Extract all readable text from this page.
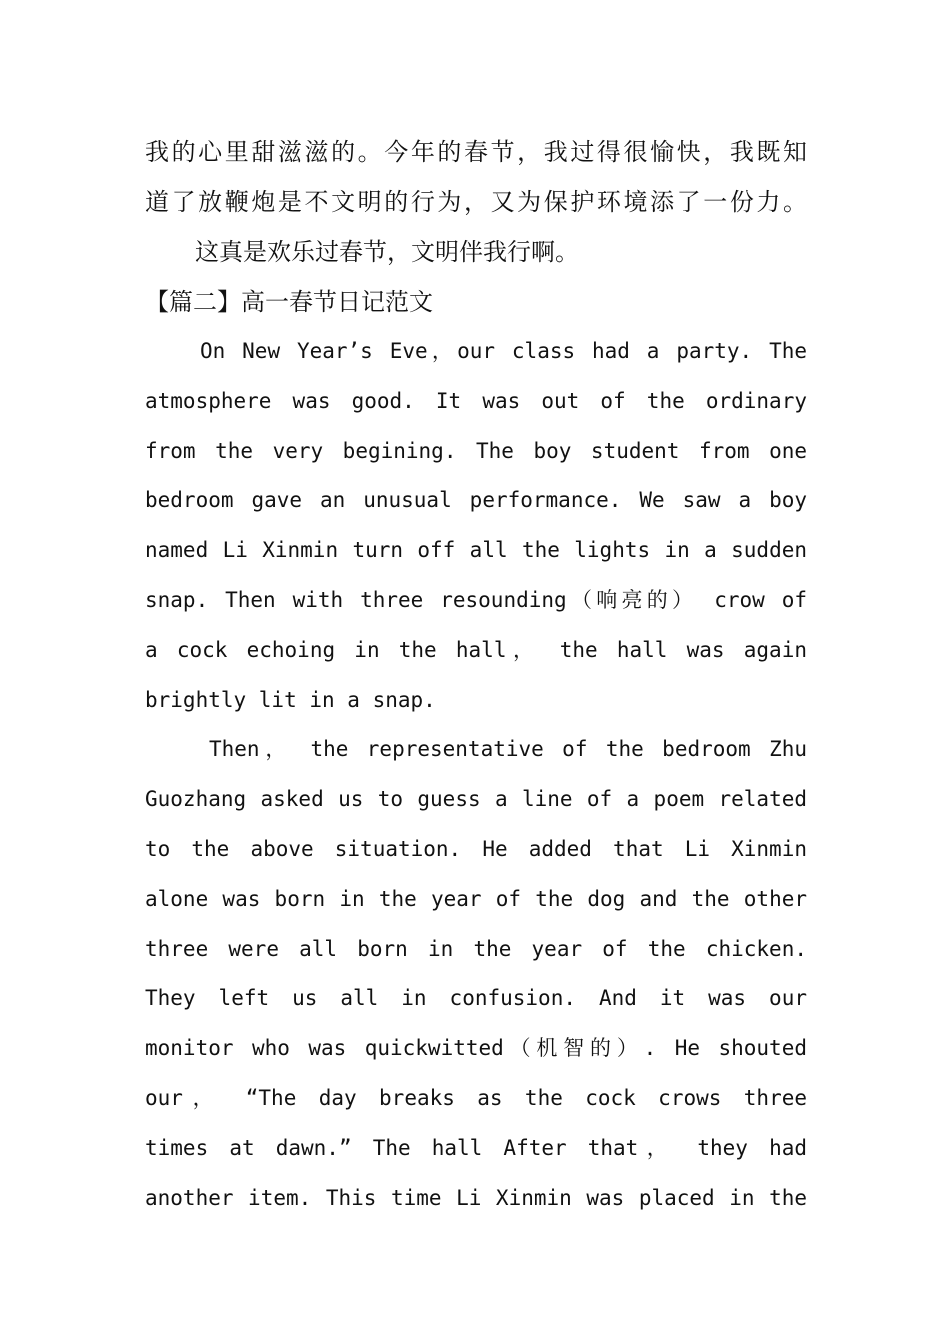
我的心里甜滋滋的。今年的春节，我过得很愉快，我既知
道了放鞭炮是不文明的行为，又为保护环境添了一份力。
这真是欢乐过春节，文明伴我行啊。
【篇二】高一春节日记范文
On New Year’s Eve，our class had a party. The
atmosphere was good. It was out of the ordinary
from the very begining. The boy student from one
bedroom gave an unusual performance. We saw a boy
named Li Xinmin turn off all the lights in a sudden
snap. Then with three resounding（响亮的） crow of
a cock echoing in the hall， the hall was again
brightly lit in a snap.
Then， the representative of the bedroom Zhu
Guozhang asked us to guess a line of a poem related
to the above situation. He added that Li Xinmin
alone was born in the year of the dog and the other
three were all born in the year of the chicken.
They left us all in confusion. And it was our
monitor who was quickwitted（机智的）. He shouted
our， “The day breaks as the cock crows three
times at dawn.” The hall After that， they had
another item. This time Li Xinmin was placed in the
